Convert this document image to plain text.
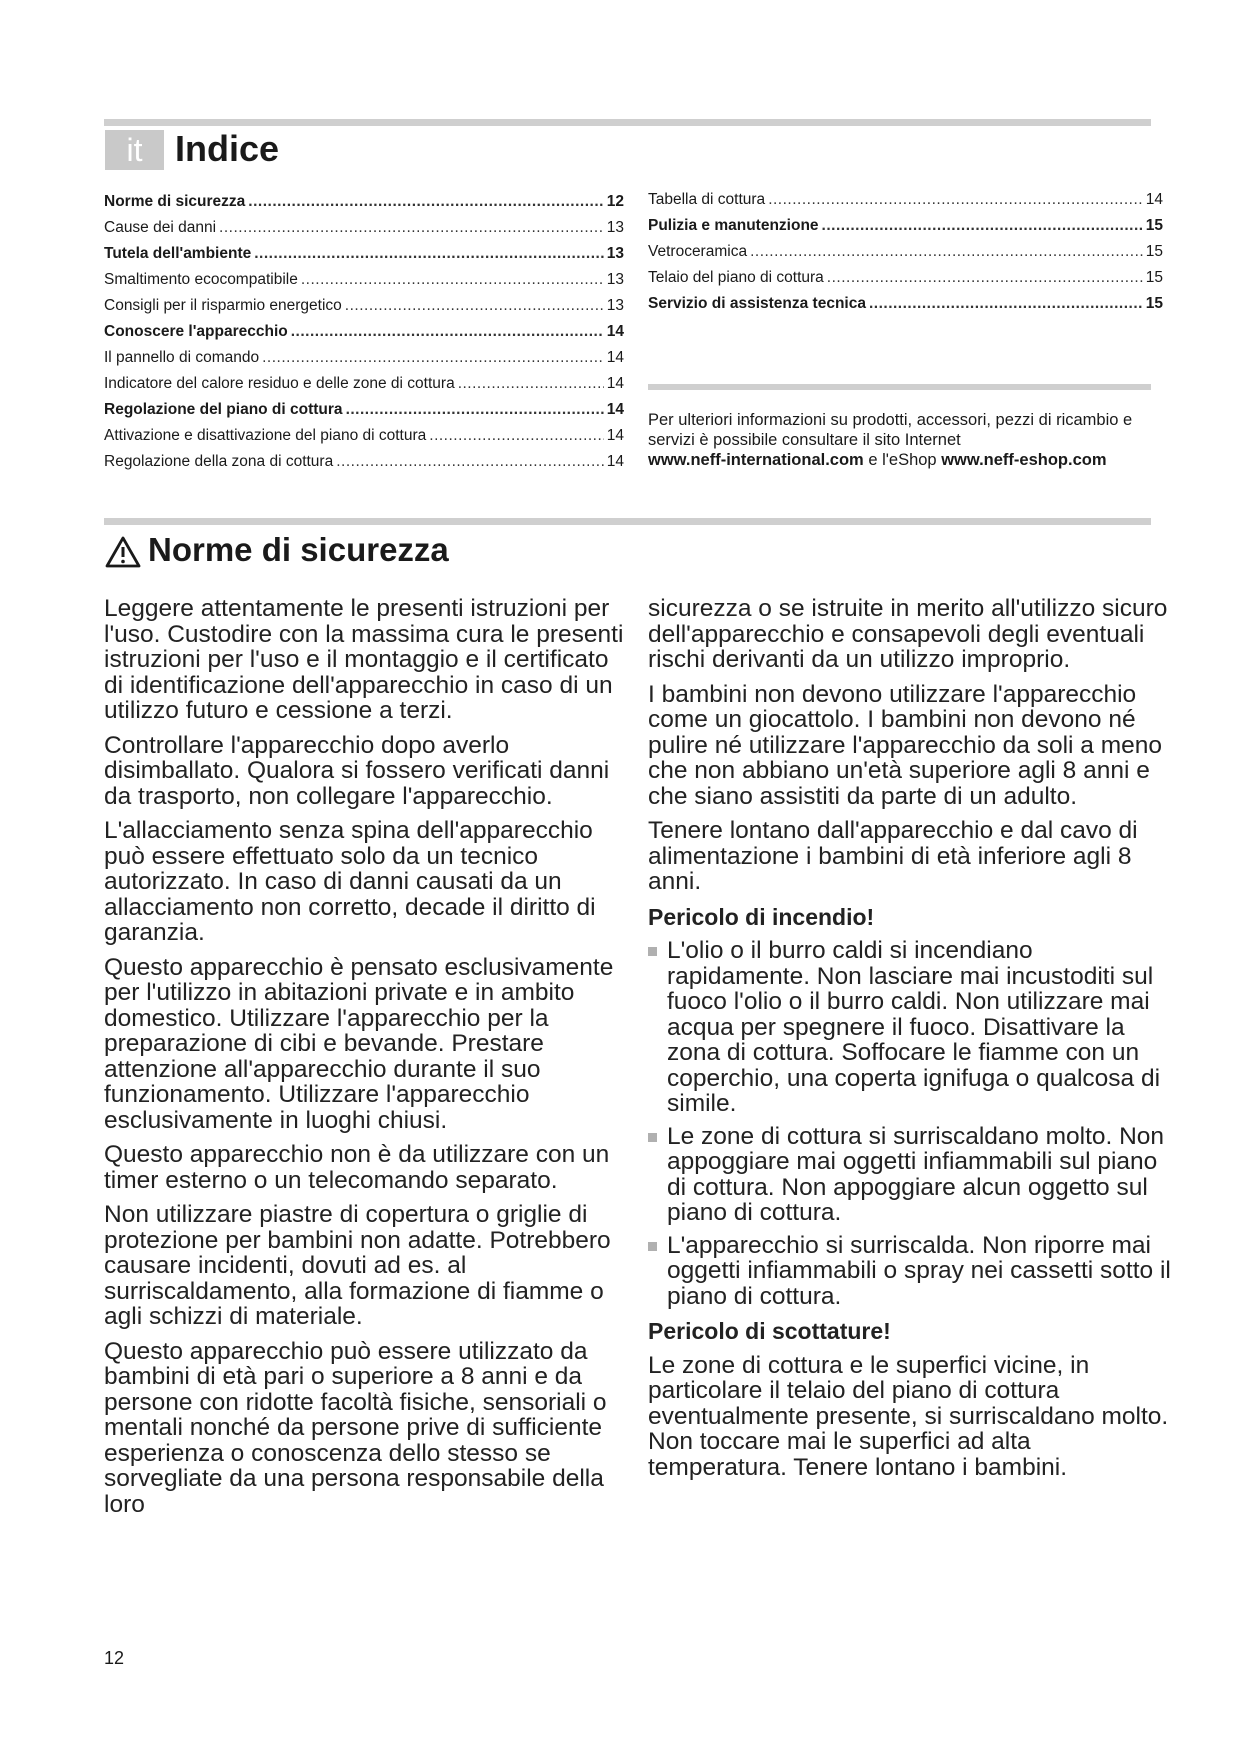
it Indice
Norme di sicurezza .....	12
Cause dei danni .....	13
Tutela dell'ambiente .....	13
Smaltimento ecocompatibile .....	13
Consigli per il risparmio energetico .....	13
Conoscere l'apparecchio .....	14
Il pannello di comando .....	14
Indicatore del calore residuo e delle zone di cottura .....	14
Regolazione del piano di cottura .....	14
Attivazione e disattivazione del piano di cottura .....	14
Regolazione della zona di cottura .....	14
Tabella di cottura .....	14
Pulizia e manutenzione .....	15
Vetroceramica .....	15
Telaio del piano di cottura .....	15
Servizio di assistenza tecnica .....	15
Per ulteriori informazioni su prodotti, accessori, pezzi di ricambio e servizi è possibile consultare il sito Internet
www.neff-international.com e l'eShop www.neff-eshop.com
Norme di sicurezza

Leggere attentamente le presenti istruzioni per l'uso. Custodire con la massima cura le presenti istruzioni per l'uso e il montaggio e il certificato di identificazione dell'apparecchio in caso di un utilizzo futuro e cessione a terzi.

Controllare l'apparecchio dopo averlo disimballato. Qualora si fossero verificati danni da trasporto, non collegare l'apparecchio.

L'allacciamento senza spina dell'apparecchio può essere effettuato solo da un tecnico autorizzato. In caso di danni causati da un allacciamento non corretto, decade il diritto di garanzia.

Questo apparecchio è pensato esclusivamente per l'utilizzo in abitazioni private e in ambito domestico. Utilizzare l'apparecchio per la preparazione di cibi e bevande. Prestare attenzione all'apparecchio durante il suo funzionamento. Utilizzare l'apparecchio esclusivamente in luoghi chiusi.

Questo apparecchio non è da utilizzare con un timer esterno o un telecomando separato.

Non utilizzare piastre di copertura o griglie di protezione per bambini non adatte. Potrebbero causare incidenti, dovuti ad es. al surriscaldamento, alla formazione di fiamme o agli schizzi di materiale.

Questo apparecchio può essere utilizzato da bambini di età pari o superiore a 8 anni e da persone con ridotte facoltà fisiche, sensoriali o mentali nonché da persone prive di sufficiente esperienza o conoscenza dello stesso se sorvegliate da una persona responsabile della loro

sicurezza o se istruite in merito all'utilizzo sicuro dell'apparecchio e consapevoli degli eventuali rischi derivanti da un utilizzo improprio.

I bambini non devono utilizzare l'apparecchio come un giocattolo. I bambini non devono né pulire né utilizzare l'apparecchio da soli a meno che non abbiano un'età superiore agli 8 anni e che siano assistiti da parte di un adulto.

Tenere lontano dall'apparecchio e dal cavo di alimentazione i bambini di età inferiore agli 8 anni.

Pericolo di incendio!
L'olio o il burro caldi si incendiano rapidamente. Non lasciare mai incustoditi sul fuoco l'olio o il burro caldi. Non utilizzare mai acqua per spegnere il fuoco. Disattivare la zona di cottura. Soffocare le fiamme con un coperchio, una coperta ignifuga o qualcosa di simile.
Le zone di cottura si surriscaldano molto. Non appoggiare mai oggetti infiammabili sul piano di cottura. Non appoggiare alcun oggetto sul piano di cottura.
L'apparecchio si surriscalda. Non riporre mai oggetti infiammabili o spray nei cassetti sotto il piano di cottura.
Pericolo di scottature!

Le zone di cottura e le superfici vicine, in particolare il telaio del piano di cottura eventualmente presente, si surriscaldano molto. Non toccare mai le superfici ad alta temperatura. Tenere lontano i bambini.

12
